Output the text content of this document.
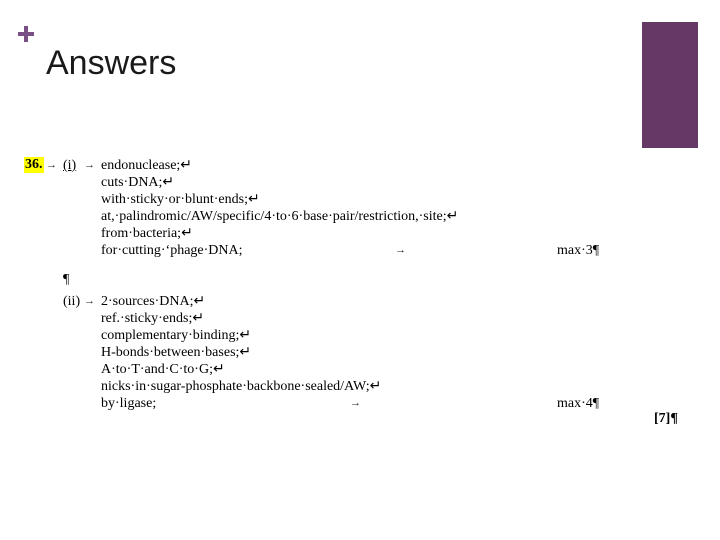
Answers
36. → (i) → endonuclease;↵
cuts·DNA;↵
with·sticky·or·blunt·ends;↵
at,·palindromic/AW/specific/4·to·6·base·pair/restriction,·site;↵
from·bacteria;↵
for·cutting·‘phage·DNA;	→	max·3¶
¶
(ii) → 2·sources·DNA;↵
ref.·sticky·ends;↵
complementary·binding;↵
H-bonds·between·bases;↵
A·to·T·and·C·to·G;↵
nicks·in·sugar-phosphate·backbone·sealed/AW;↵
by·ligase;	→	max·4¶
[7]¶
